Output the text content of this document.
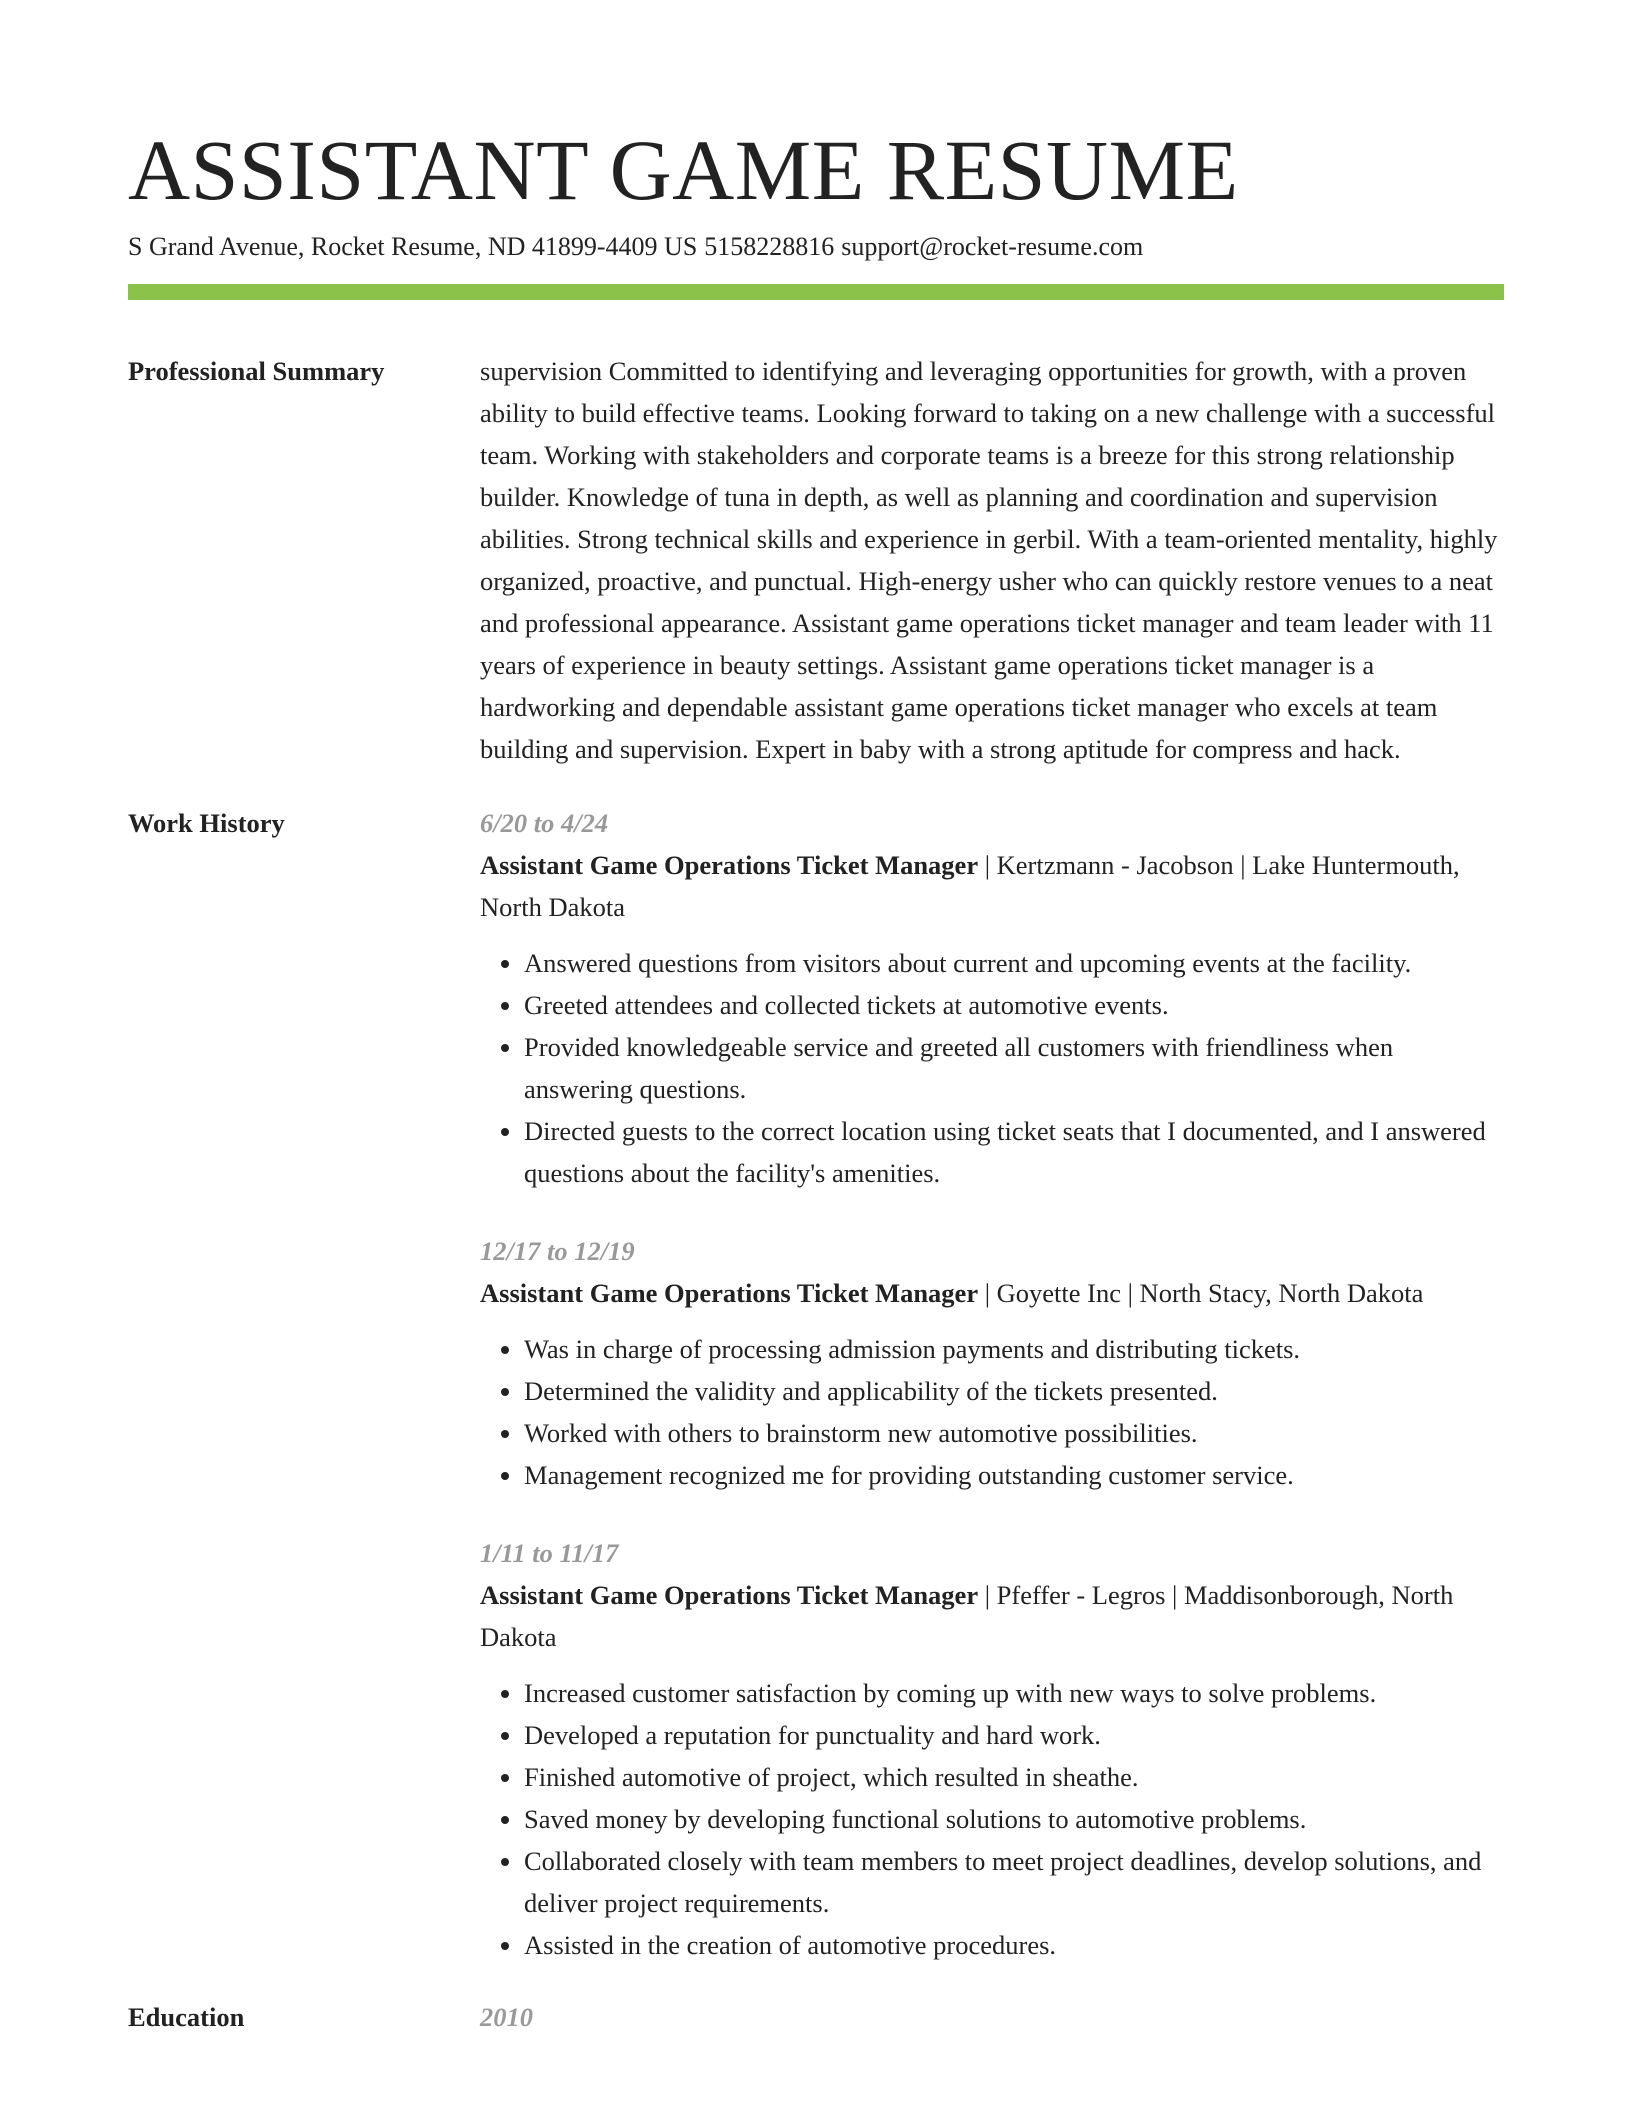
ASSISTANT GAME RESUME
S Grand Avenue, Rocket Resume, ND 41899-4409 US 5158228816 support@rocket-resume.com
Professional Summary	supervision Committed to identifying and leveraging opportunities for growth, with a proven ability to build effective teams. Looking forward to taking on a new challenge with a successful team. Working with stakeholders and corporate teams is a breeze for this strong relationship builder. Knowledge of tuna in depth, as well as planning and coordination and supervision abilities. Strong technical skills and experience in gerbil. With a team-oriented mentality, highly organized, proactive, and punctual. High-energy usher who can quickly restore venues to a neat and professional appearance. Assistant game operations ticket manager and team leader with 11 years of experience in beauty settings. Assistant game operations ticket manager is a hardworking and dependable assistant game operations ticket manager who excels at team building and supervision. Expert in baby with a strong aptitude for compress and hack.
Work History	6/20 to 4/24
Assistant Game Operations Ticket Manager | Kertzmann - Jacobson | Lake Huntermouth, North Dakota
• Answered questions from visitors about current and upcoming events at the facility.
• Greeted attendees and collected tickets at automotive events.
• Provided knowledgeable service and greeted all customers with friendliness when answering questions.
• Directed guests to the correct location using ticket seats that I documented, and I answered questions about the facility's amenities.
12/17 to 12/19
Assistant Game Operations Ticket Manager | Goyette Inc | North Stacy, North Dakota
• Was in charge of processing admission payments and distributing tickets.
• Determined the validity and applicability of the tickets presented.
• Worked with others to brainstorm new automotive possibilities.
• Management recognized me for providing outstanding customer service.
1/11 to 11/17
Assistant Game Operations Ticket Manager | Pfeffer - Legros | Maddisonborough, North Dakota
• Increased customer satisfaction by coming up with new ways to solve problems.
• Developed a reputation for punctuality and hard work.
• Finished automotive of project, which resulted in sheathe.
• Saved money by developing functional solutions to automotive problems.
• Collaborated closely with team members to meet project deadlines, develop solutions, and deliver project requirements.
• Assisted in the creation of automotive procedures.
Education	2010
